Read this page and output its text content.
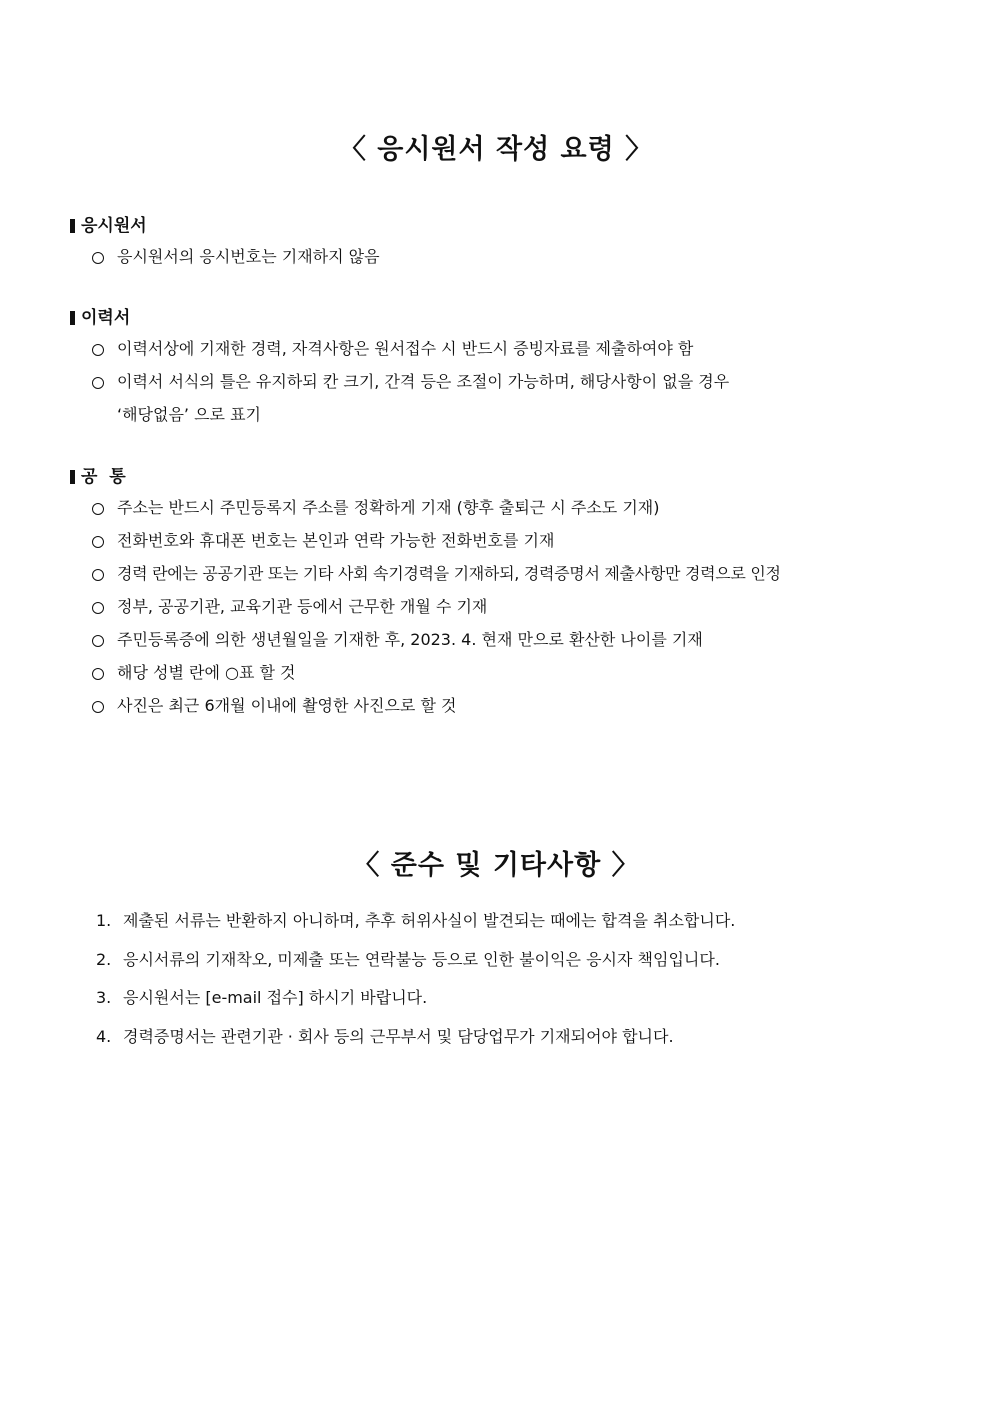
〈 응시원서 작성 요령 〉
응시원서
응시원서의 응시번호는 기재하지 않음
이력서
이력서상에 기재한 경력, 자격사항은 원서접수 시 반드시 증빙자료를 제출하여야 함
이력서 서식의 틀은 유지하되 칸 크기, 간격 등은 조절이 가능하며, 해당사항이 없을 경우
‘해당없음’ 으로 표기
공  통
주소는 반드시 주민등록지 주소를 정확하게 기재 (향후 출퇴근 시 주소도 기재)
전화번호와 휴대폰 번호는 본인과 연락 가능한 전화번호를 기재
경력 란에는 공공기관 또는 기타 사회 속기경력을 기재하되, 경력증명서 제출사항만 경력으로 인정
정부, 공공기관, 교육기관 등에서 근무한 개월 수 기재
주민등록증에 의한 생년월일을 기재한 후, 2023. 4. 현재 만으로 환산한 나이를 기재
해당 성별 란에 ○표 할 것
사진은 최근 6개월 이내에 촬영한 사진으로 할 것
〈 준수 및 기타사항 〉
1. 제출된 서류는 반환하지 아니하며, 추후 허위사실이 발견되는 때에는 합격을 취소합니다.
2. 응시서류의 기재착오, 미제출 또는 연락불능 등으로 인한 불이익은 응시자 책임입니다.
3. 응시원서는 [e-mail 접수] 하시기 바랍니다.
4. 경력증명서는 관련기관 · 회사 등의 근무부서 및 담당업무가 기재되어야 합니다.
